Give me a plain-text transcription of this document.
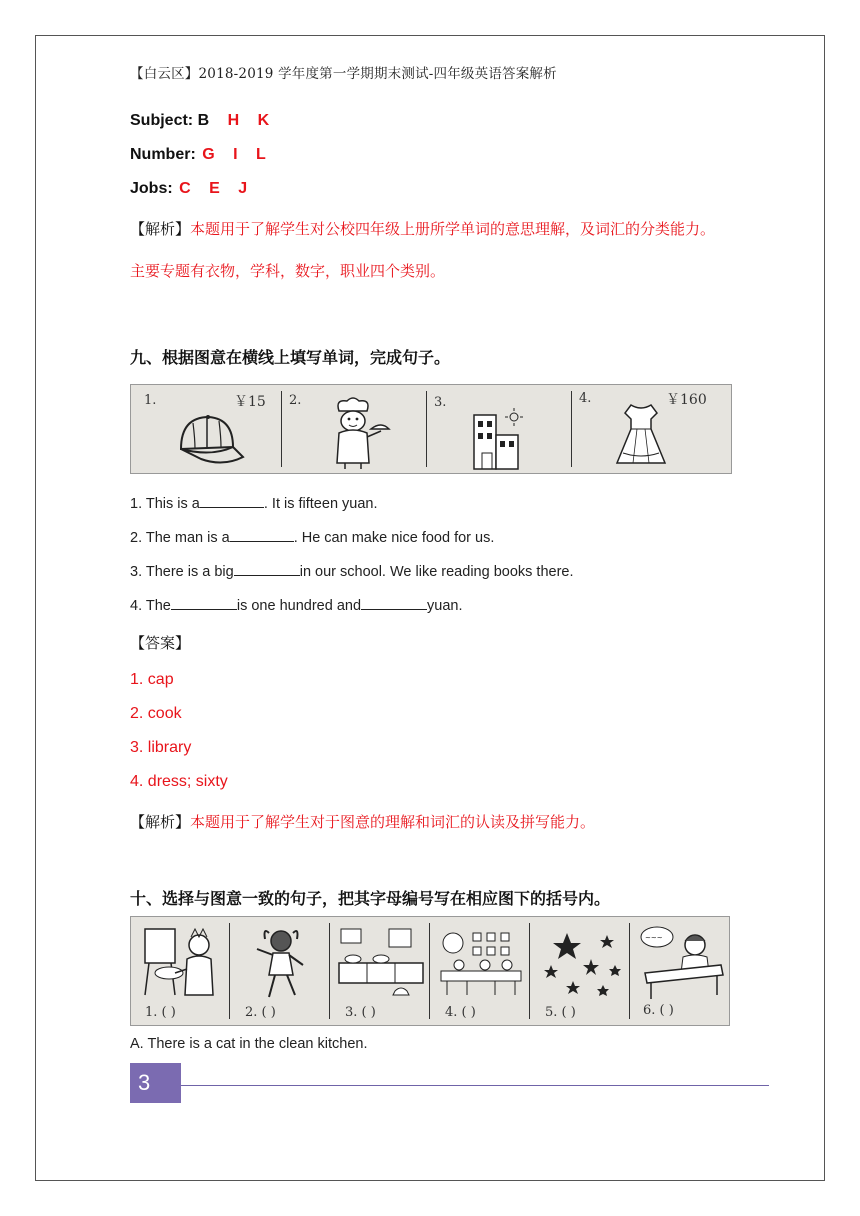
【白云区】2018-2019 学年度第一学期期末测试-四年级英语答案解析
Subject: B H K
Number: G I L
Jobs: C E J
【解析】本题用于了解学生对公校四年级上册所学单词的意思理解，及词汇的分类能力。
主要专题有衣物，学科，数字，职业四个类别。
九、根据图意在横线上填写单词，完成句子。
1.	￥15 2.	3.	4.	￥160
1. This is a	. It is fifteen yuan.
2. The man is a	. He can make nice food for us.
3. There is a big	in our school. We like reading books there.
4. The	is one hundred and	yuan.
【答案】
1. cap
2. cook
3. library
4. dress; sixty
【解析】本题用于了解学生对于图意的理解和词汇的认读及拼写能力。
十、选择与图意一致的句子，把其字母编号写在相应图下的括号内。
1. ( )	2. ( )	3. ( )	4. ( )	5. ( )
~~~
6. ( )
A. There is a cat in the clean kitchen.
3
